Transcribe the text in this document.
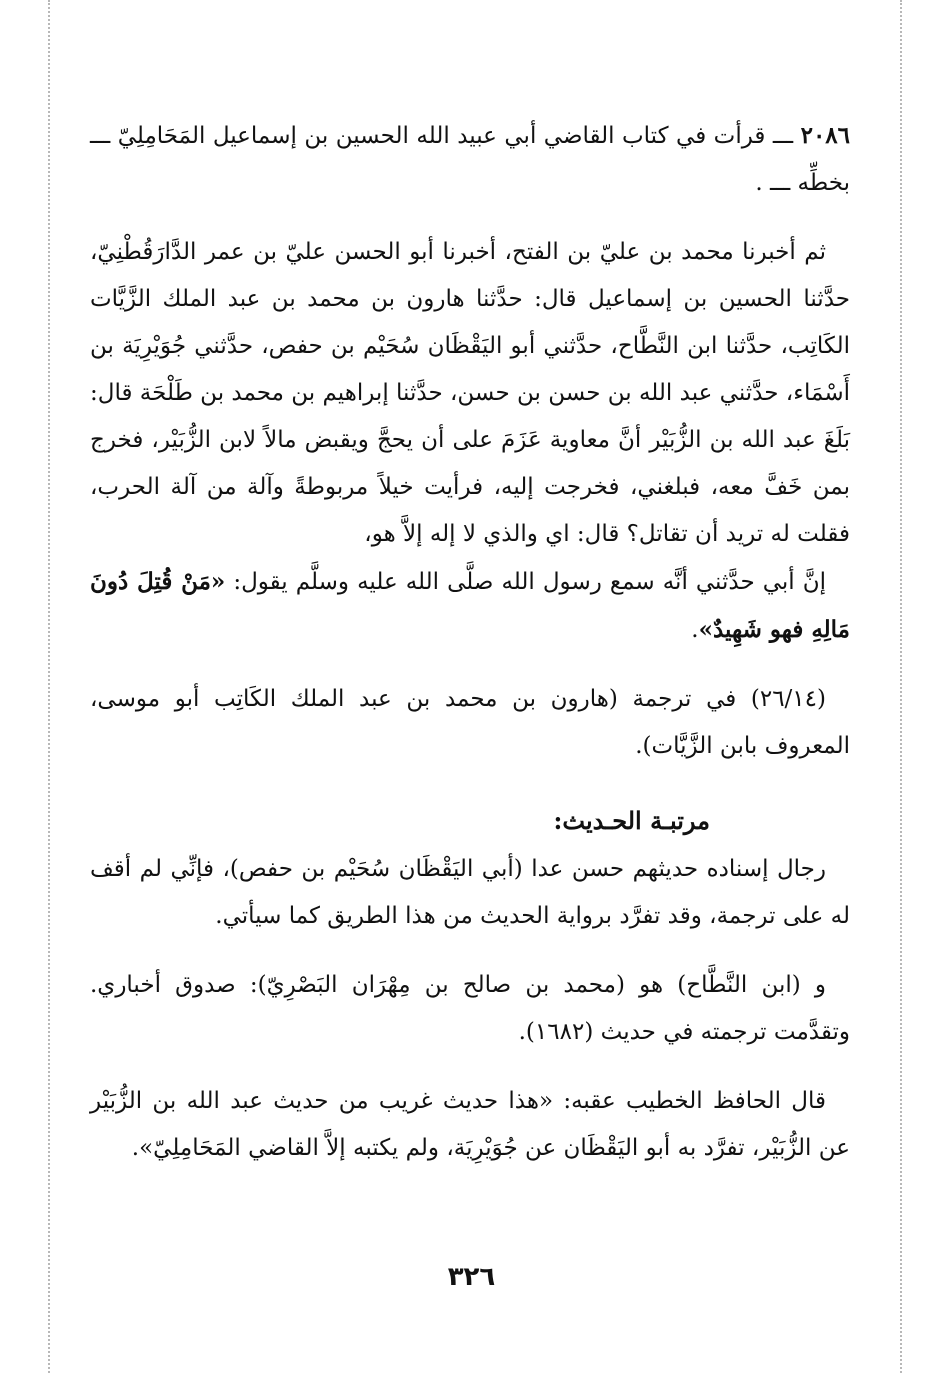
٢٠٨٦ ـــ قرأت في كتاب القاضي أبي عبيد الله الحسين بن إسماعيل المَحَامِلِيّ ـــ بخطِّه ـــ .

ثم أخبرنا محمد بن عليّ بن الفتح، أخبرنا أبو الحسن عليّ بن عمر الدَّارَقُطْنِيّ، حدَّثنا الحسين بن إسماعيل قال: حدَّثنا هارون بن محمد بن عبد الملك الزَّيَّات الكَاتِب، حدَّثنا ابن النَّطَّاح، حدَّثني أبو اليَقْظَان سُحَيْم بن حفص، حدَّثني جُوَيْرِيَة بن أَسْمَاء، حدَّثني عبد الله بن حسن بن حسن، حدَّثنا إبراهيم بن محمد بن طَلْحَة قال: بَلَغَ عبد الله بن الزُّبَيْر أنَّ معاوية عَزَمَ على أن يحجَّ ويقبض مالاً لابن الزُّبَيْر، فخرج بمن خَفَّ معه، فبلغني، فخرجت إليه، فرأيت خيلاً مربوطةً وآلة من آلة الحرب، فقلت له تريد أن تقاتل؟ قال: اي والذي لا إله إلاَّ هو،

إنَّ أبي حدَّثني أنَّه سمع رسول الله صلَّى الله عليه وسلَّم يقول: «مَنْ قُتِلَ دُونَ مَالِهِ فهو شَهِيدٌ».

(٢٦/١٤) في ترجمة (هارون بن محمد بن عبد الملك الكَاتِب أبو موسى، المعروف بابن الزَّيَّات).

مرتبـة الحـديث:

رجال إسناده حديثهم حسن عدا (أبي اليَقْظَان سُحَيْم بن حفص)، فإنِّي لم أقف له على ترجمة، وقد تفرَّد برواية الحديث من هذا الطريق كما سيأتي.

و (ابن النَّطَّاح) هو (محمد بن صالح بن مِهْرَان البَصْرِيّ): صدوق أخباري. وتقدَّمت ترجمته في حديث (١٦٨٢).

قال الحافظ الخطيب عقبه: «هذا حديث غريب من حديث عبد الله بن الزُّبَيْر عن الزُّبَيْر، تفرَّد به أبو اليَقْظَان عن جُوَيْرِيَة، ولم يكتبه إلاَّ القاضي المَحَامِلِيّ».

٣٢٦
